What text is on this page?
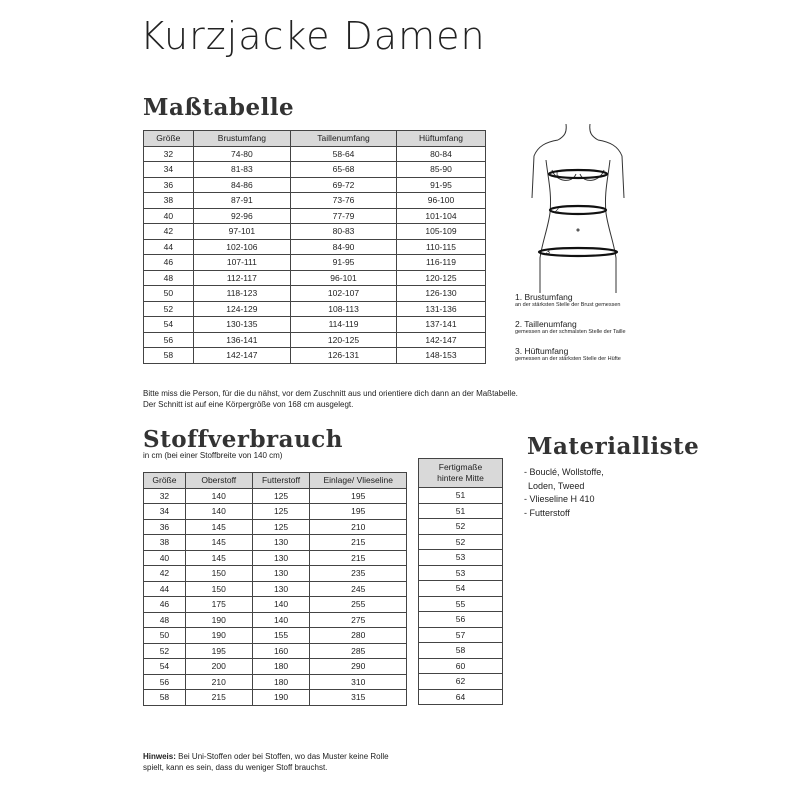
Kurzjacke Damen
Maßtabelle
Größe	Brustumfang	Taillenumfang	Hüftumfang
32	74-80	58-64	80-84
34	81-83	65-68	85-90
36	84-86	69-72	91-95
38	87-91	73-76	96-100
40	92-96	77-79	101-104
42	97-101	80-83	105-109
44	102-106	84-90	110-115
46	107-111	91-95	116-119
48	112-117	96-101	120-125
50	118-123	102-107	126-130
52	124-129	108-113	131-136
54	130-135	114-119	137-141
56	136-141	120-125	142-147
58	142-147	126-131	148-153
Bitte miss die Person, für die du nähst, vor dem Zuschnitt aus und orientiere dich dann an der Maßtabelle.
Der Schnitt ist auf eine Körpergröße von 168 cm ausgelegt.
1
2
3
1. Brustumfang
an der stärksten Stelle der Brust gemessen
2. Taillenumfang
gemessen an der schmalsten Stelle der Taille
3. Hüftumfang
gemessen an der stärksten Stelle der Hüfte
Stoffverbrauch
in cm (bei einer Stoffbreite von 140 cm)
Größe	Oberstoff	Futterstoff	Einlage/ Vlieseline
32	140	125	195
34	140	125	195
36	145	125	210
38	145	130	215
40	145	130	215
42	150	130	235
44	150	130	245
46	175	140	255
48	190	140	275
50	190	155	280
52	195	160	285
54	200	180	290
56	210	180	310
58	215	190	315
Fertigmaße
hintere Mitte

51
51
52
52
53
53
54
55
56
57
58
60
62
64
Materialliste
- Bouclé, Wollstoffe,
Loden, Tweed
- Vlieseline H 410
- Futterstoff
Hinweis: Bei Uni-Stoffen oder bei Stoffen, wo das Muster keine Rolle
spielt, kann es sein, dass du weniger Stoff brauchst.
